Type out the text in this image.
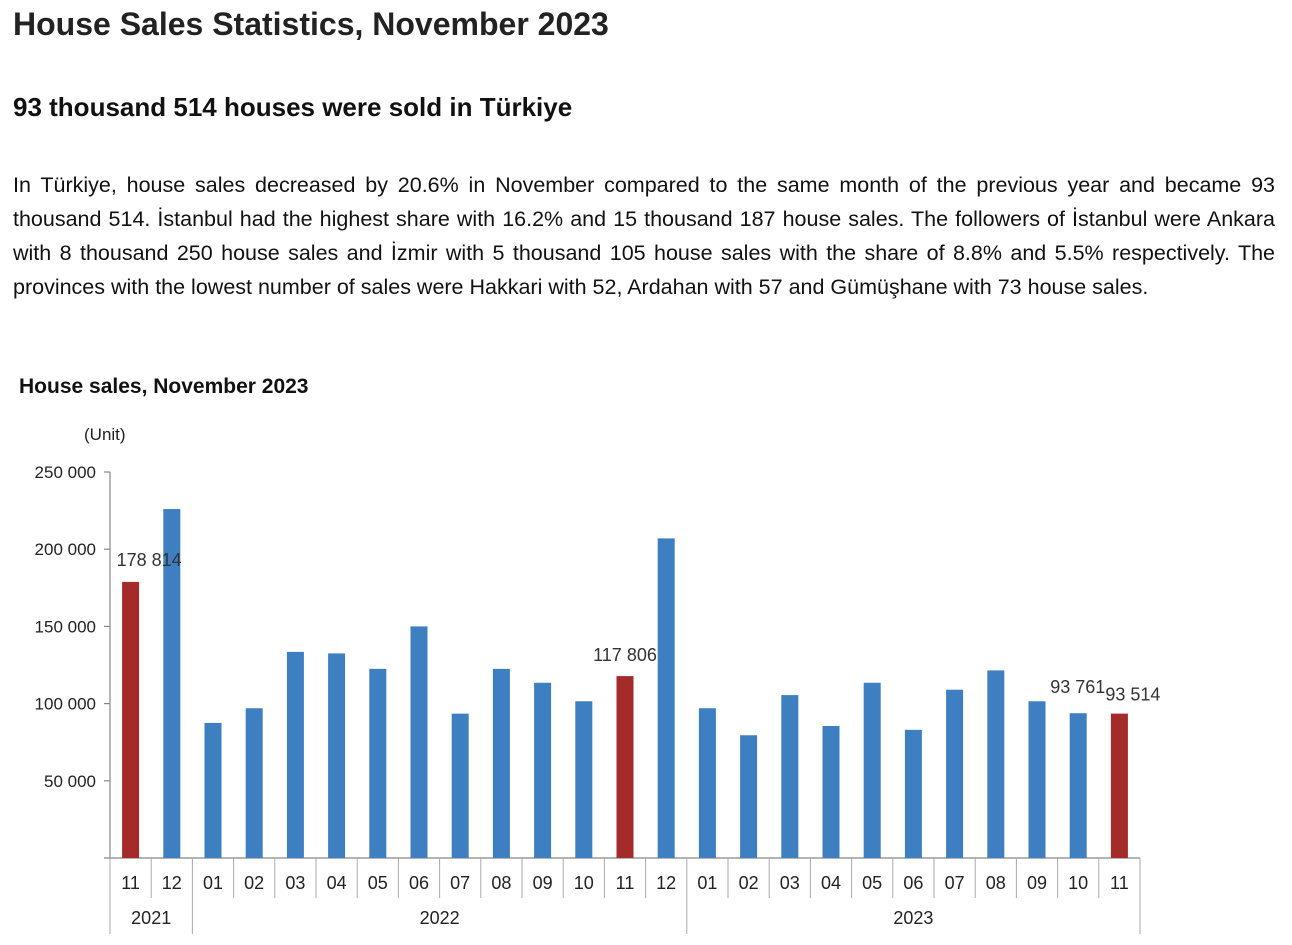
House Sales Statistics, November 2023
93 thousand 514 houses were sold in Türkiye

In Türkiye, house sales decreased by 20.6% in November compared to the same month of the previous year and became 93 thousand 514. İstanbul had the highest share with 16.2% and 15 thousand 187 house sales. The followers of İstanbul were Ankara with 8 thousand 250 house sales and İzmir with 5 thousand 105 house sales with the share of 8.8% and 5.5% respectively. The provinces with the lowest number of sales were Hakkari with 52, Ardahan with 57 and Gümüşhane with 73 house sales.

House sales, November 2023
(Unit)
250 000
200 000
150 000
100 000
50 000
11 12 01 02 03 04 05 06 07 08 09 10 11 12 01 02 03 04 05 06 07 08 09 10 11
2021	2022	2023
178 814
117 806
93 761 93 514
